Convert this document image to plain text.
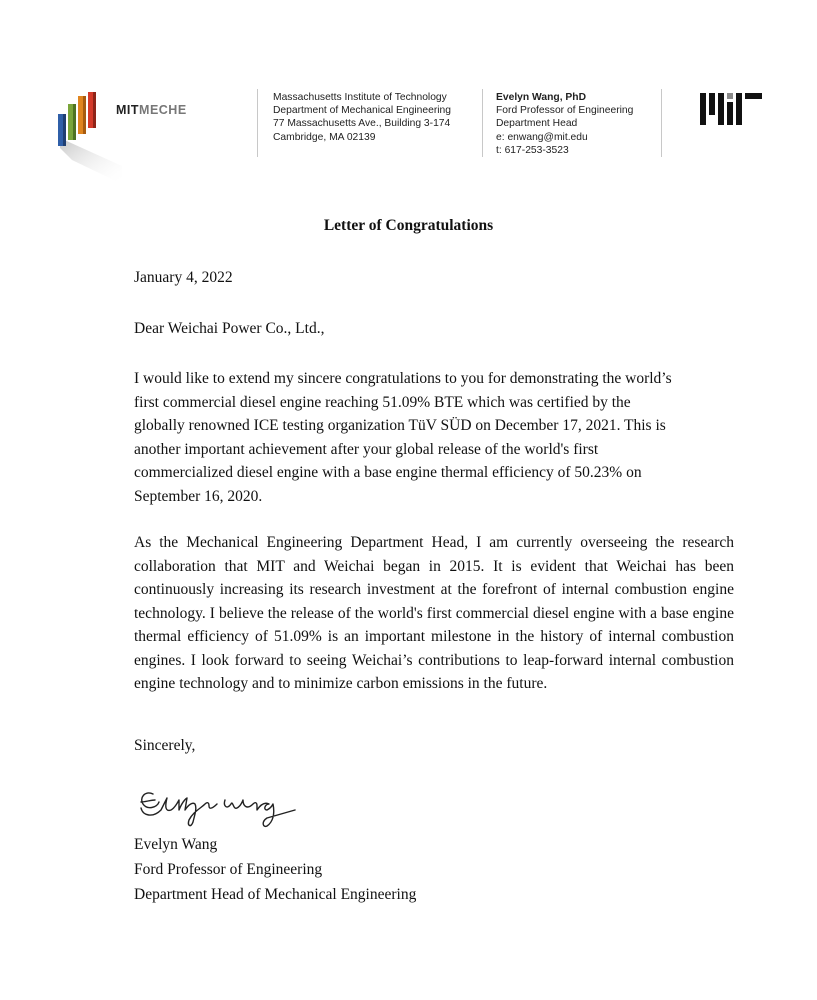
MITMECHE
Massachusetts Institute of Technology
Department of Mechanical Engineering
77 Massachusetts Ave., Building 3-174
Cambridge, MA 02139
Evelyn Wang, PhD
Ford Professor of Engineering
Department Head
e: enwang@mit.edu
t: 617-253-3523
Letter of Congratulations
January 4, 2022
Dear Weichai Power Co., Ltd.,
I would like to extend my sincere congratulations to you for demonstrating the world’s
first commercial diesel engine reaching 51.09% BTE which was certified by the
globally renowned ICE testing organization TüV SÜD on December 17, 2021. This is
another important achievement after your global release of the world's first
commercialized diesel engine with a base engine thermal efficiency of 50.23% on
September 16, 2020.

As the Mechanical Engineering Department Head, I am currently overseeing the research collaboration that MIT and Weichai began in 2015. It is evident that Weichai has been continuously increasing its research investment at the forefront of internal combustion engine technology. I believe the release of the world's first commercial diesel engine with a base engine thermal efficiency of 51.09% is an important milestone in the history of internal combustion engines. I look forward to seeing Weichai’s contributions to leap-forward internal combustion engine technology and to minimize carbon emissions in the future.

Sincerely,
Evelyn Wang
Ford Professor of Engineering
Department Head of Mechanical Engineering
